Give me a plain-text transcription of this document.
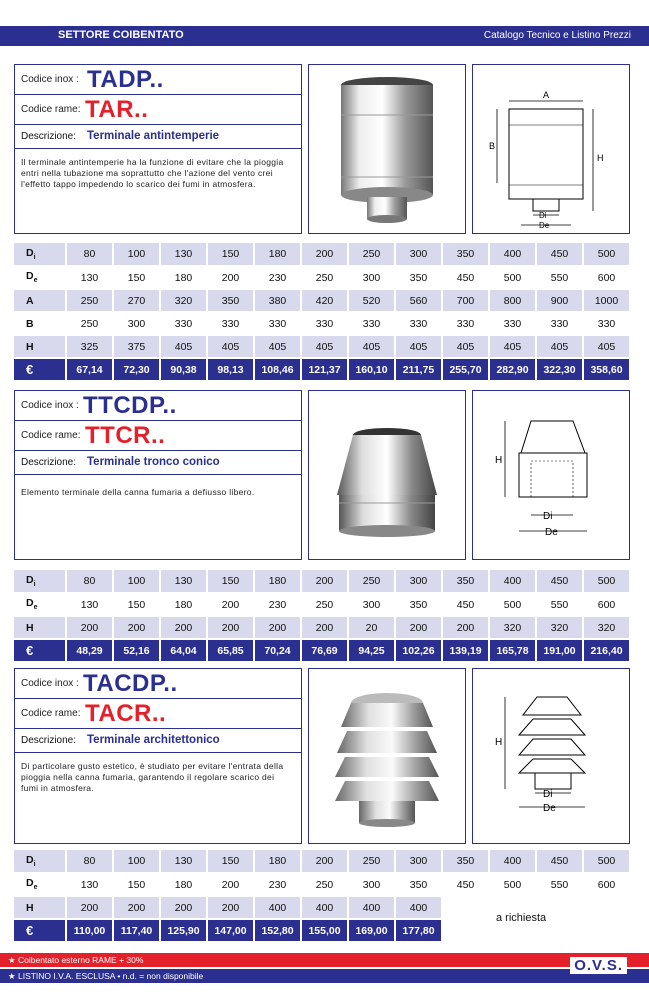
SETTORE COIBENTATO	Catalogo Tecnico e Listino Prezzi
Codice inox : TADP..
Codice rame: TAR..
Descrizione: Terminale antintemperie
Il terminale antintemperie ha la funzione di evitare che la pioggia entri nella tubazione ma soprattutto che l'azione del vento crei l'effetto tappo impedendo lo scarico dei fumi in atmosfera.
A
B
H
Di
De
$D_i$	80	100	130	150	180	200	250	300	350	400	450	500
$D_e$	130	150	180	200	230	250	300	350	450	500	550	600
A	250	270	320	350	380	420	520	560	700	800	900	1000
B	250	300	330	330	330	330	330	330	330	330	330	330
H	325	375	405	405	405	405	405	405	405	405	405	405
€	67,14	72,30	90,38	98,13	108,46	121,37	160,10	211,75	255,70	282,90	322,30	358,60
Codice inox : TTCDP..
Codice rame: TTCR..
Descrizione: Terminale tronco conico
Elemento terminale della canna fumaria a defiusso libero.
H
Di
De
$D_i$	80	100	130	150	180	200	250	300	350	400	450	500
$D_e$	130	150	180	200	230	250	300	350	450	500	550	600
H	200	200	200	200	200	200	20	200	200	320	320	320
€	48,29	52,16	64,04	65,85	70,24	76,69	94,25	102,26	139,19	165,78	191,00	216,40
Codice inox : TACDP..
Codice rame: TACR..
Descrizione: Terminale architettonico
Di particolare gusto estetico, è studiato per evitare l'entrata della pioggia nella canna fumaria, garantendo il regolare scarico dei fumi in atmosfera.
H
Di
De
$D_i$	80	100	130	150	180	200	250	300	350	400	450	500
$D_e$	130	150	180	200	230	250	300	350	450	500	550	600
H	200	200	200	200	400	400	400	400				
€	110,00	117,40	125,90	147,00	152,80	155,00	169,00	177,80				
a richiesta
★ Coibentato esterno RAME + 30%
★ LISTINO I.V.A. ESCLUSA • n.d. = non disponibile
O.V.S.
